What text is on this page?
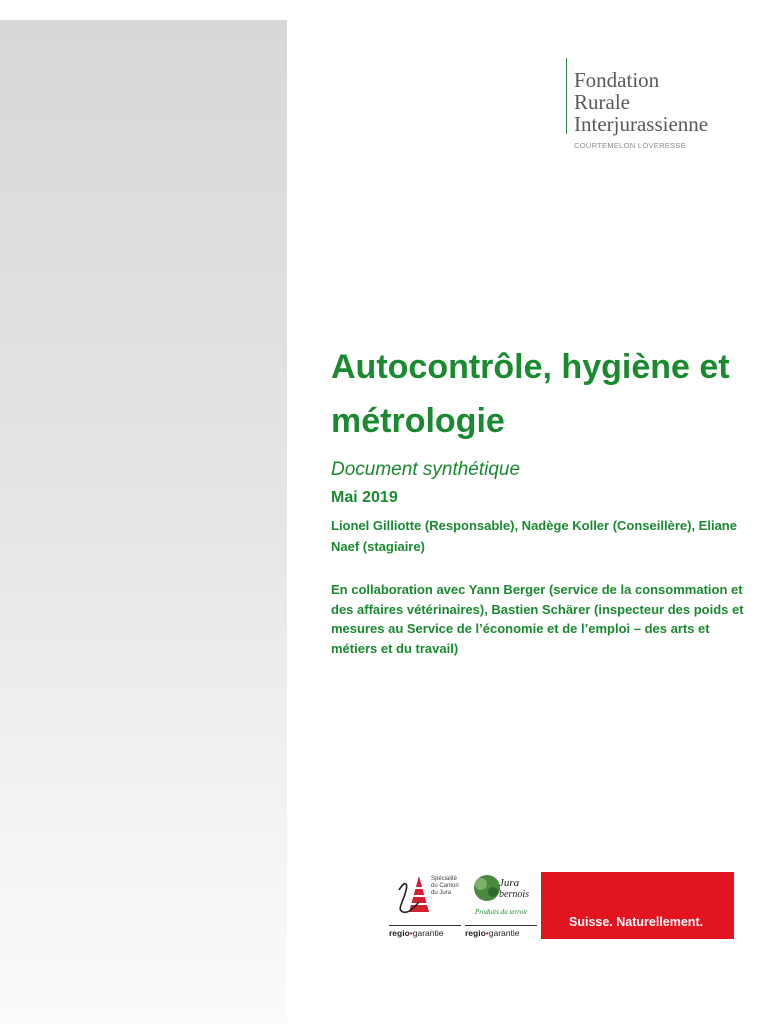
Fondation
Rurale
Interjurassienne
COURTEMELON LOVERESSE
Autocontrôle, hygiène et métrologie

Document synthétique

Mai 2019

Lionel Gilliotte (Responsable), Nadège Koller (Conseillère), Eliane Naef (stagiaire)

En collaboration avec Yann Berger (service de la consommation et des affaires vétérinaires), Bastien Schärer (inspecteur des poids et mesures au Service de l’économie et de l’emploi – des arts et métiers et du travail)

Spécialité du Canton du Jura
regio•garantie
Jura
bernois
Produits du terroir
regio•garantie

Suisse. Naturellement.
